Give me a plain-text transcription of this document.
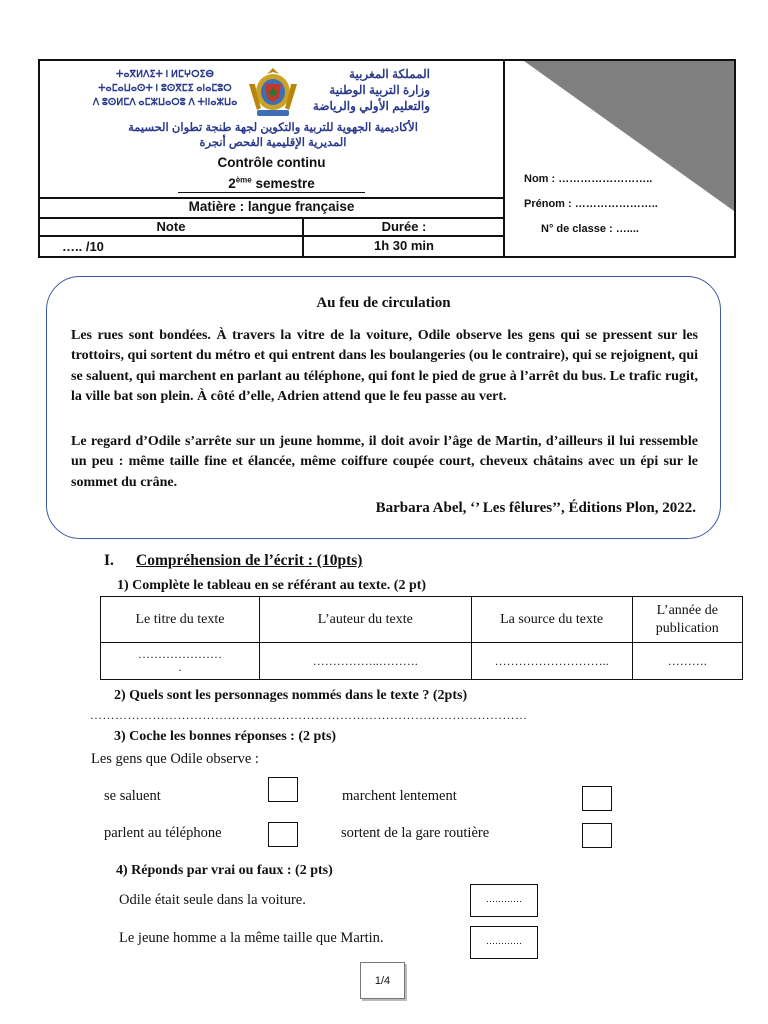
ⵜⴰⴳⵍⴷⵉⵜ ⵏ ⵍⵎⵖⵔⵉⴱ
ⵜⴰⵎⴰⵡⴰⵙⵜ ⵏ ⵓⵙⴳⵎⵉ ⴰⵏⴰⵎⵓⵔ
ⴷ ⵓⵙⵍⵎⴷ ⴰⵎⵣⵡⴰⵔⵓ ⴷ ⵜⵏⵏⴰⵣⵡⴰ
المملكة المغربية
وزارة التربية الوطنية
والتعليم الأولي والرياضة
الأكاديمية الجهوية للتربية والتكوين لجهة طنجة تطوان الحسيمة
المديرية الإقليمية الفحص أنجرة
Contrôle continu
2ème semestre
Matière : langue française
Note	Durée :
….. /10	1h 30 min
Nom : ……………………..
Prénom : …………………..
N° de classe : …....
Au feu de circulation
Les rues sont bondées. À travers la vitre de la voiture, Odile observe les gens qui se pressent sur les trottoirs, qui sortent du métro et qui entrent dans les boulangeries (ou le contraire), qui se rejoignent, qui se saluent, qui marchent en parlant au téléphone, qui font le pied de grue à l’arrêt du bus. Le trafic rugit, la ville bat son plein. À côté d’elle, Adrien attend que le feu passe au vert.
Le regard d’Odile s’arrête sur un jeune homme, il doit avoir l’âge de Martin, d’ailleurs il lui ressemble un peu : même taille fine et élancée, même coiffure coupée court, cheveux châtains avec un épi sur le sommet du crâne.
Barbara Abel, ‘’ Les fêlures’’, Éditions Plon, 2022.
I. Compréhension de l’écrit : (10pts)
1) Complète le tableau en se référant au texte. (2 pt)
Le titre du texte	L’auteur du texte	La source du texte	L’année de publication
…………………
.	……………..……….	………………………..	……….
2) Quels sont les personnages nommés dans le texte ? (2pts)
……………………………………………………………………………………………
3) Coche les bonnes réponses : (2 pts)
Les gens que Odile observe :
se saluent	marchent lentement
parlent au téléphone	sortent de la gare routière
4) Réponds par vrai ou faux : (2 pts)
Odile était seule dans la voiture.	…………
Le jeune homme a la même taille que Martin.	…………
1/4
